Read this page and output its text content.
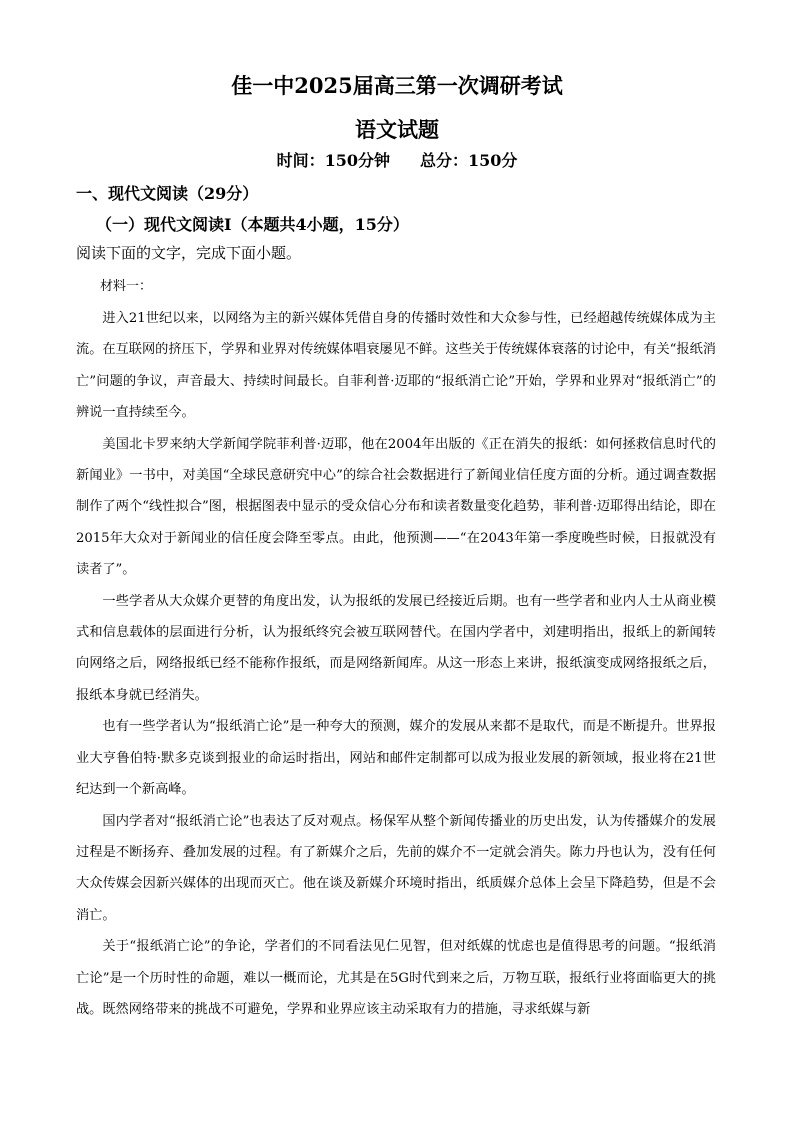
佳一中2025届高三第一次调研考试
语文试题
时间：150分钟 总分：150分
一、现代文阅读（29分）
（一）现代文阅读Ⅰ（本题共4小题，15分）
阅读下面的文字，完成下面小题。
材料一：

进入21世纪以来，以网络为主的新兴媒体凭借自身的传播时效性和大众参与性，已经超越传统媒体成为主流。在互联网的挤压下，学界和业界对传统媒体唱衰屡见不鲜。这些关于传统媒体衰落的讨论中，有关“报纸消亡”问题的争议，声音最大、持续时间最长。自菲利普·迈耶的“报纸消亡论”开始，学界和业界对“报纸消亡”的辨说一直持续至今。

美国北卡罗来纳大学新闻学院菲利普·迈耶，他在2004年出版的《正在消失的报纸：如何拯救信息时代的新闻业》一书中，对美国“全球民意研究中心”的综合社会数据进行了新闻业信任度方面的分析。通过调查数据制作了两个“线性拟合”图，根据图表中显示的受众信心分布和读者数量变化趋势，菲利普·迈耶得出结论，即在2015年大众对于新闻业的信任度会降至零点。由此，他预测——“在2043年第一季度晚些时候，日报就没有读者了”。

一些学者从大众媒介更替的角度出发，认为报纸的发展已经接近后期。也有一些学者和业内人士从商业模式和信息载体的层面进行分析，认为报纸终究会被互联网替代。在国内学者中，刘建明指出，报纸上的新闻转向网络之后，网络报纸已经不能称作报纸，而是网络新闻库。从这一形态上来讲，报纸演变成网络报纸之后，报纸本身就已经消失。

也有一些学者认为“报纸消亡论”是一种夸大的预测，媒介的发展从来都不是取代，而是不断提升。世界报业大亨鲁伯特·默多克谈到报业的命运时指出，网站和邮件定制都可以成为报业发展的新领域，报业将在21世纪达到一个新高峰。

国内学者对“报纸消亡论”也表达了反对观点。杨保军从整个新闻传播业的历史出发，认为传播媒介的发展过程是不断扬弃、叠加发展的过程。有了新媒介之后，先前的媒介不一定就会消失。陈力丹也认为，没有任何大众传媒会因新兴媒体的出现而灭亡。他在谈及新媒介环境时指出，纸质媒介总体上会呈下降趋势，但是不会消亡。

关于“报纸消亡论”的争论，学者们的不同看法见仁见智，但对纸媒的忧虑也是值得思考的问题。“报纸消亡论”是一个历时性的命题，难以一概而论，尤其是在5G时代到来之后，万物互联，报纸行业将面临更大的挑战。既然网络带来的挑战不可避免，学界和业界应该主动采取有力的措施，寻求纸媒与新
